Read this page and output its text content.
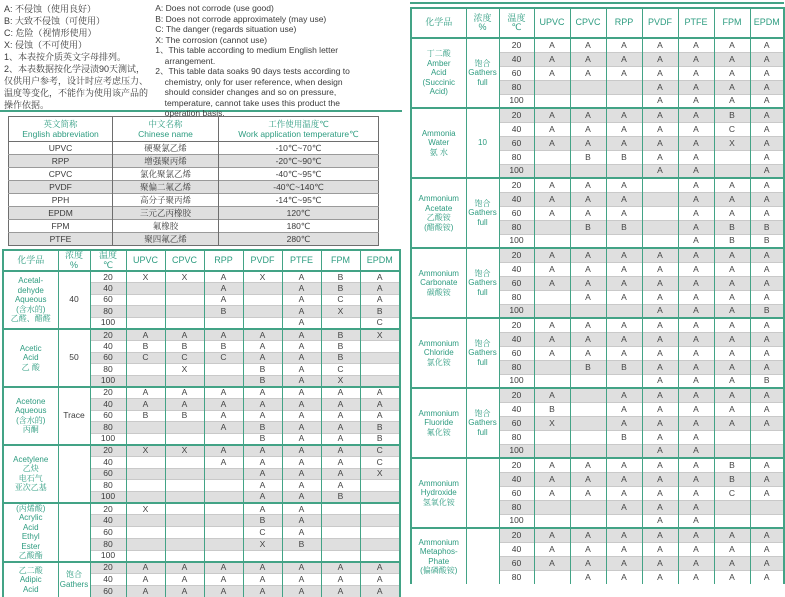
A: 不侵蚀（使用良好）
B: 大致不侵蚀（可使用）
C: 危险（视情形使用）
X: 侵蚀（不可使用）
1、本表按介质英文字母排列。
2、本表数据按化学浸渍90天测试，
仅供用户参考，设计时应考虑压力、
温度等变化，不能作为使用该产品的
操作依据。
A: Does not corrode (use good)
B: Does not corrode approximately (may use)
C: The danger (regards situation use)
X: The corrosion (cannot use)
1、This table according to medium English letter
arrangement.
2、This table data soaks 90 days tests according to
chemistry, only for user reference, when design
should consider changes and so on pressure,
temperature, cannot take uses this product the
operation basis.
英文简称
English abbreviation

中文名称
Chinese name

工作使用温度℃
Work application temperature℃

UPVC	硬聚氯乙烯	-10℃~70℃
RPP	增强聚丙烯	-20℃~90℃
CPVC	氯化聚氯乙烯	-40℃~95℃
PVDF	聚偏二氟乙烯	-40℃~140℃
PPH	高分子聚丙烯	-14℃~95℃
EPDM	三元乙丙橡胶	120℃
FPM	氟橡胶	180℃
PTFE	聚四氟乙烯	280℃
化学品	浓度
%

温度
℃	UPVC	CPVC	RPP	PVDF	PTFE	FPM	EPDM

Acetal-
dehyde
Aqueous
(含水的)
乙醛、醋醛	40	20	X	X	A	X	A	B	A
		40			A		A	B	A
		60			A		A	C	A
		80			B		A	X	B
		100					A		C

Acetic
Acid
乙 酸	50	20	A	A	A	A	A	B	X
		40	B	B	B	A	A	B	
		60	C	C	C	A	A	B	
		80		X		B	A	C	
		100				B	A	X	

Acetone
Aqueous
(含水的)
丙酮	Trace	20	A	A	A	A	A	A	A
		40	A	A	A	A	A	A	A
		60	B	B	A	A	A	A	A
		80			A	B	A	A	B
		100				B	A	A	B

Acetylene
乙炔
电石气
亚次乙基		20	X	X	A	A	A	A	C
		40			A	A	A	A	C
		60				A	A	A	X
		80				A	A	A	
		100				A	A	B	

(丙烯酸)
Acrylic
Acid
Ethyl
Ester
乙酸酯
		20	X			A	A		
		40				B	A		
		60				C	A		
		80				X	B		
		100							

乙二酸
Adipic
Acid

饱合
Gathers
	20	A	A	A	A	A	A	A
		40	A	A	A	A	A	A	A
		60	A	A	A	A	A	A	A
化学品	浓度
%

温度
℃	UPVC	CPVC	RPP	PVDF	PTFE	FPM	EPDM

丁二酸
Amber
Acid
(Succinic
Acid)

饱合
Gathers
full
	20	A	A	A	A	A	A	A
		40	A	A	A	A	A	A	A
		60	A	A	A	A	A	A	A
		80				A	A	A	A
		100				A	A	A	A

Ammonia
Water
氨 水	10	20	A	A	A	A	A	B	A
		40	A	A	A	A	A	C	A
		60	A	A	A	A	A	X	A
		80		B	B	A	A		A
		100				A	A		A

Ammonium
Acetate
乙酸铵
(醋酸铵)

饱合
Gathers
full
	20	A	A	A		A	A	A
		40	A	A	A		A	A	A
		60	A	A	A		A	A	A
		80		B	B		A	B	B
		100					A	B	B

Ammonium
Carbonate
碳酸铵

饱合
Gathers
full
	20	A	A	A	A	A	A	A
		40	A	A	A	A	A	A	A
		60	A	A	A	A	A	A	A
		80		A	A	A	A	A	A
		100				A	A	A	B

Ammonium
Chloride
氯化铵

饱合
Gathers
full
	20	A	A	A	A	A	A	A
		40	A	A	A	A	A	A	A
		60	A	A	A	A	A	A	A
		80		B	B	A	A	A	A
		100				A	A	A	B

Ammonium
Fluoride
氟化铵

饱合
Gathers
full
	20	A		A	A	A	A	A
		40	B		A	A	A	A	A
		60	X		A	A	A	A	A
		80			B	A	A		
		100				A	A		

Ammonium
Hydroxide
氢氧化铵		20	A	A	A	A	A	B	A
		40	A	A	A	A	A	B	A
		60	A	A	A	A	A	C	A
		80			A	A	A		
		100				A	A		

Ammonium
Metaphos-
Phate
(偏磷酸铵)		20	A	A	A	A	A	A	A
		40	A	A	A	A	A	A	A
		60	A	A	A	A	A	A	A
		80		A	A	A	A	A	A
